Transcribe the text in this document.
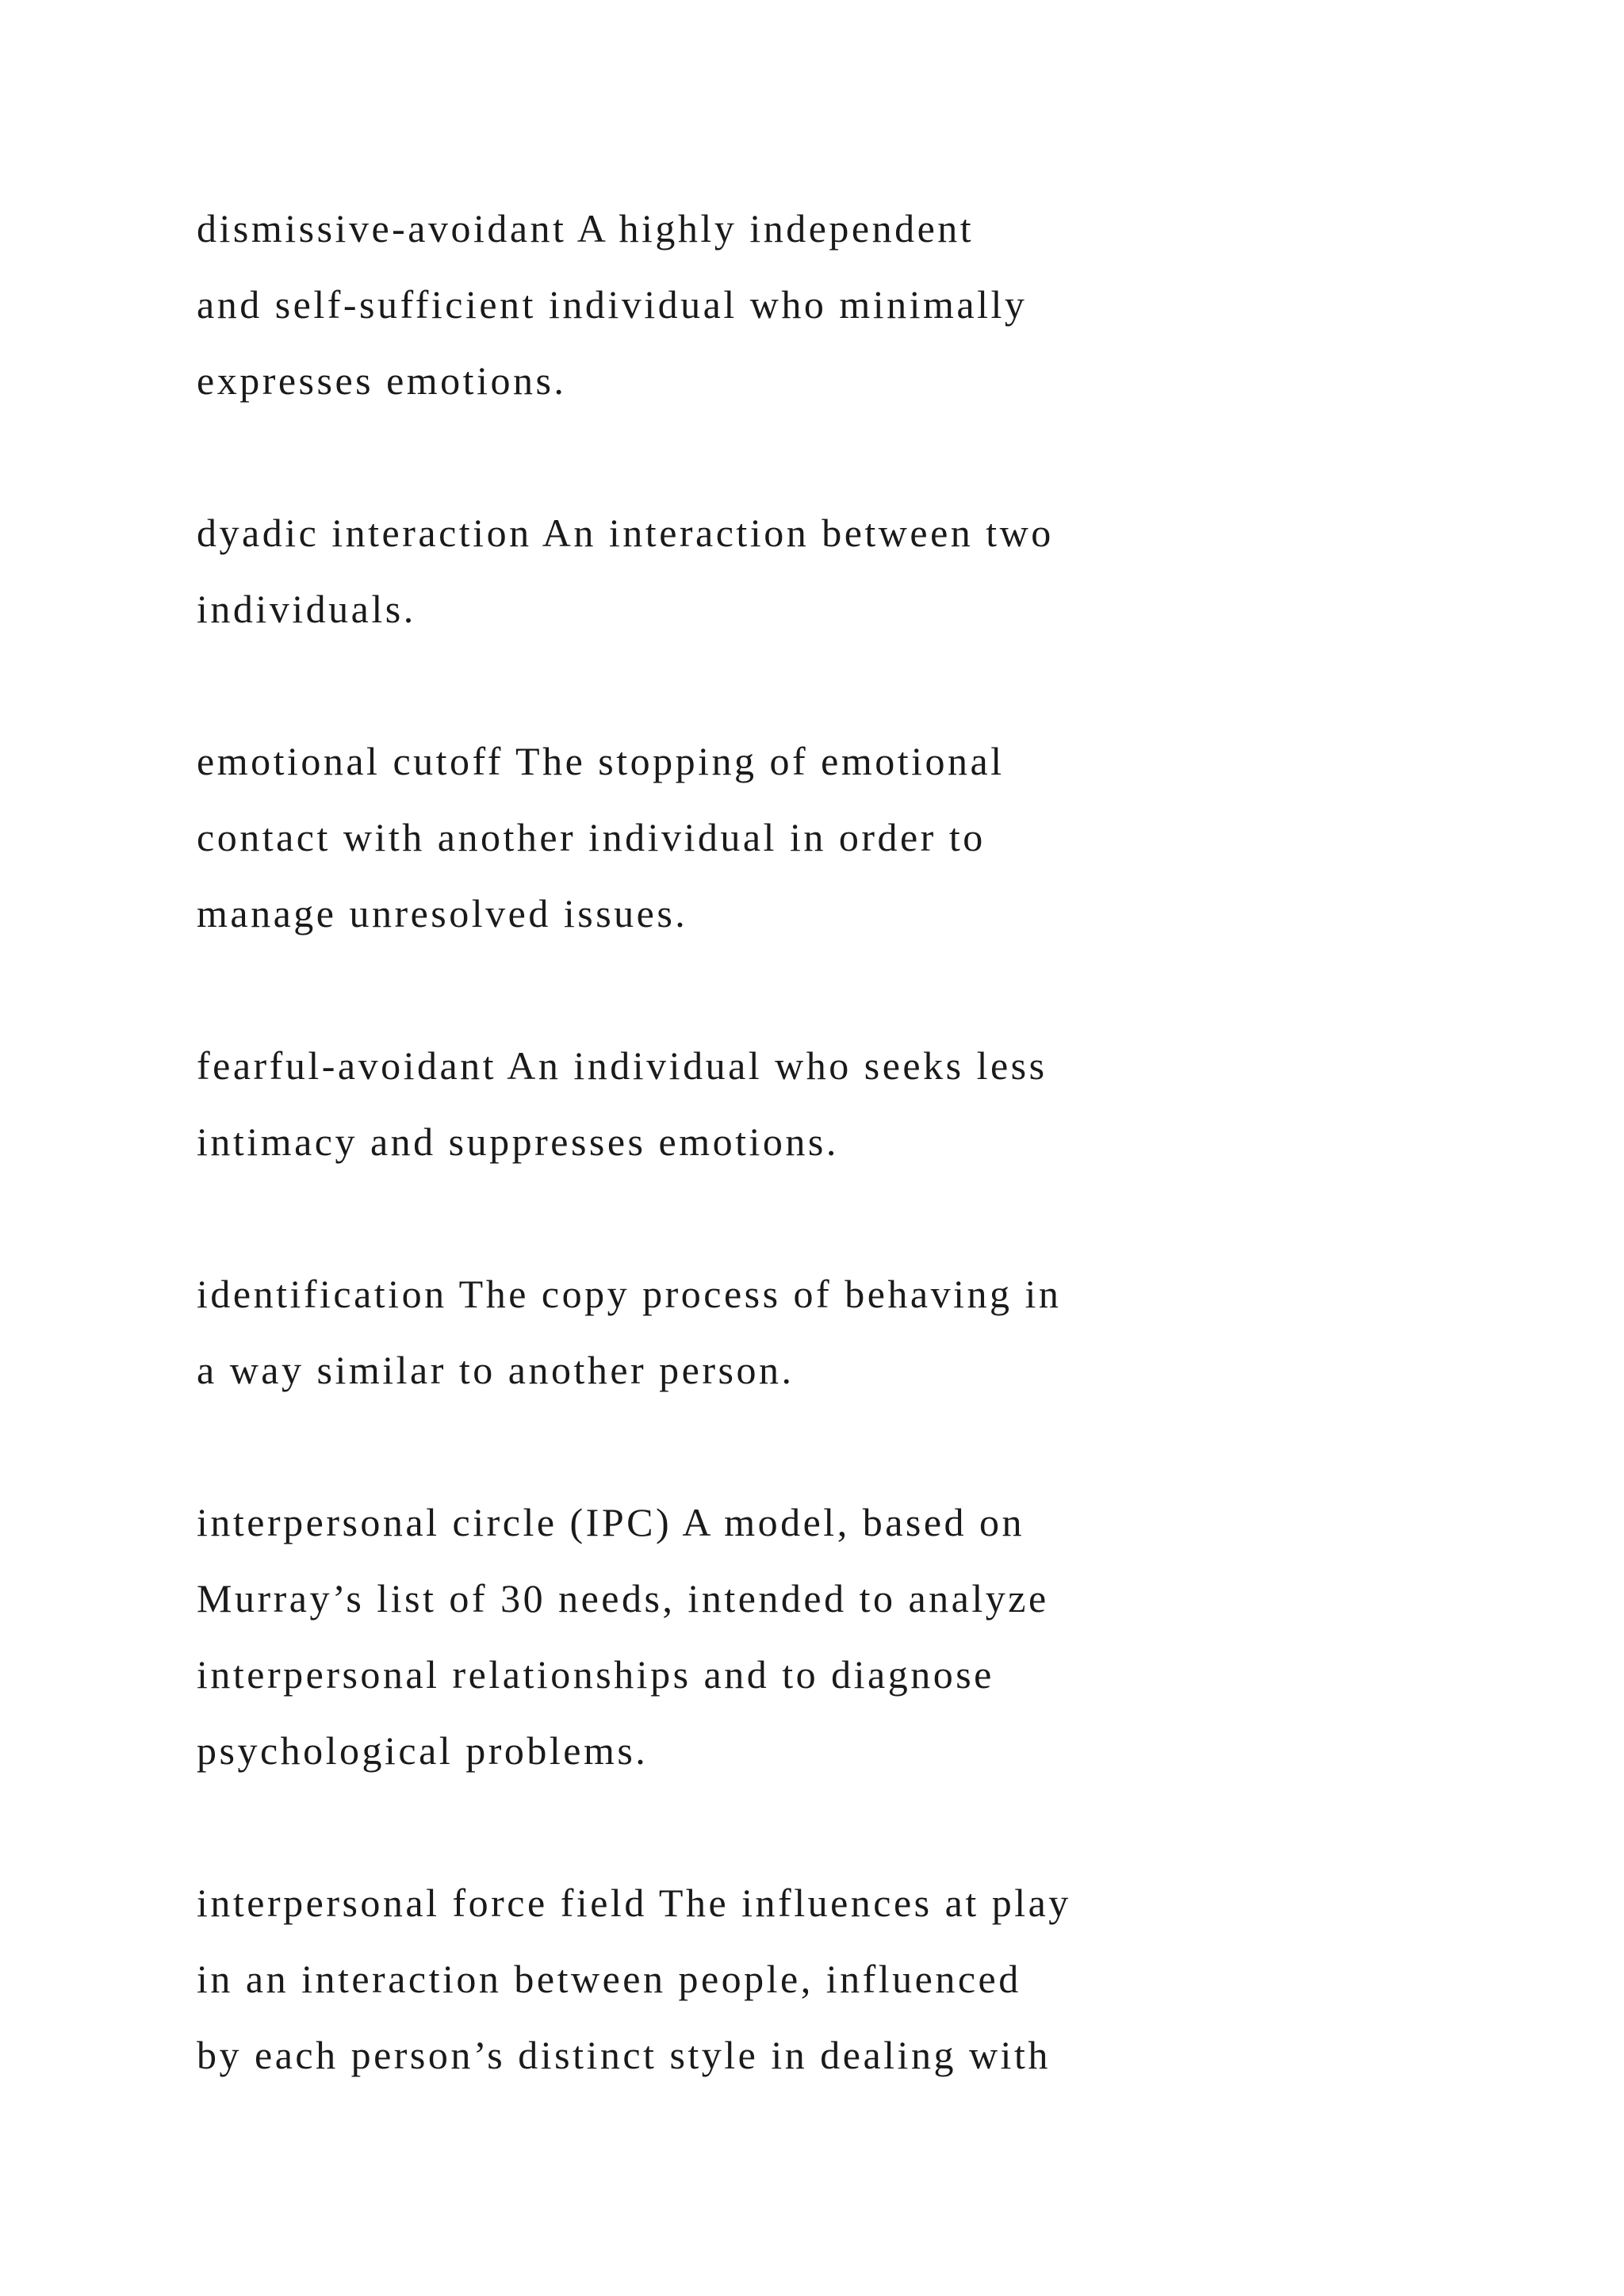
dismissive-avoidant A highly independent
and self-sufficient individual who minimally
expresses emotions.
dyadic interaction An interaction between two
individuals.
emotional cutoff The stopping of emotional
contact with another individual in order to
manage unresolved issues.
fearful-avoidant An individual who seeks less
intimacy and suppresses emotions.
identification The copy process of behaving in
a way similar to another person.
interpersonal circle (IPC) A model, based on
Murray’s list of 30 needs, intended to analyze
interpersonal relationships and to diagnose
psychological problems.
interpersonal force field The influences at play
in an interaction between people, influenced
by each person’s distinct style in dealing with
